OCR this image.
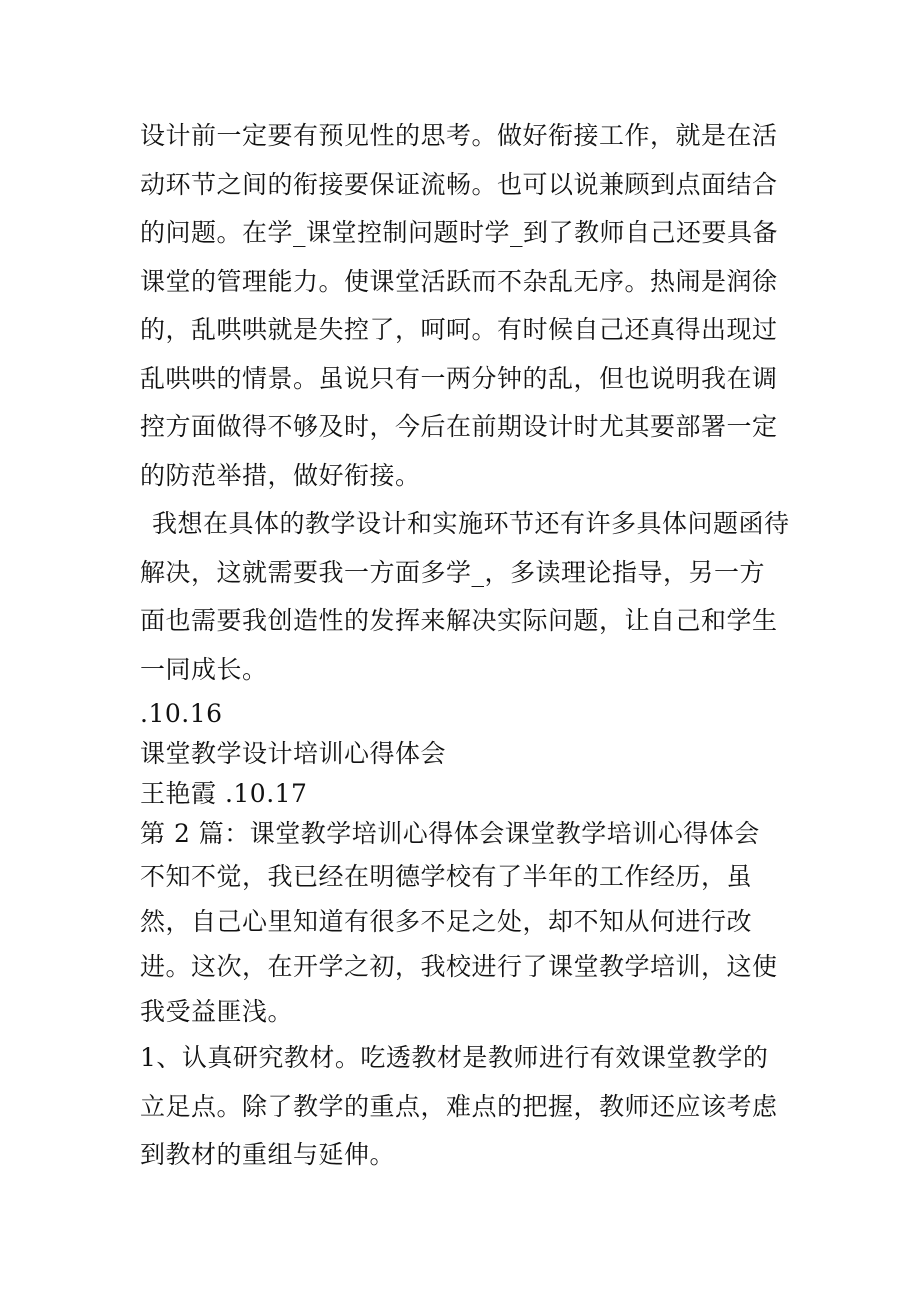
设计前一定要有预见性的思考。做好衔接工作，就是在活动环节之间的衔接要保证流畅。也可以说兼顾到点面结合的问题。在学_课堂控制问题时学_到了教师自己还要具备课堂的管理能力。使课堂活跃而不杂乱无序。热闹是润徐的，乱哄哄就是失控了，呵呵。有时候自己还真得出现过乱哄哄的情景。虽说只有一两分钟的乱，但也说明我在调控方面做得不够及时，今后在前期设计时尤其要部署一定的防范举措，做好衔接。

我想在具体的教学设计和实施环节还有许多具体问题函待解决，这就需要我一方面多学_，多读理论指导，另一方面也需要我创造性的发挥来解决实际问题，让自己和学生一同成长。

.10.16

课堂教学设计培训心得体会

王艳霞 .10.17

第 2 篇：课堂教学培训心得体会课堂教学培训心得体会

不知不觉，我已经在明德学校有了半年的工作经历，虽然，自己心里知道有很多不足之处，却不知从何进行改进。这次，在开学之初，我校进行了课堂教学培训，这使我受益匪浅。

1、认真研究教材。吃透教材是教师进行有效课堂教学的立足点。除了教学的重点，难点的把握，教师还应该考虑到教材的重组与延伸。
